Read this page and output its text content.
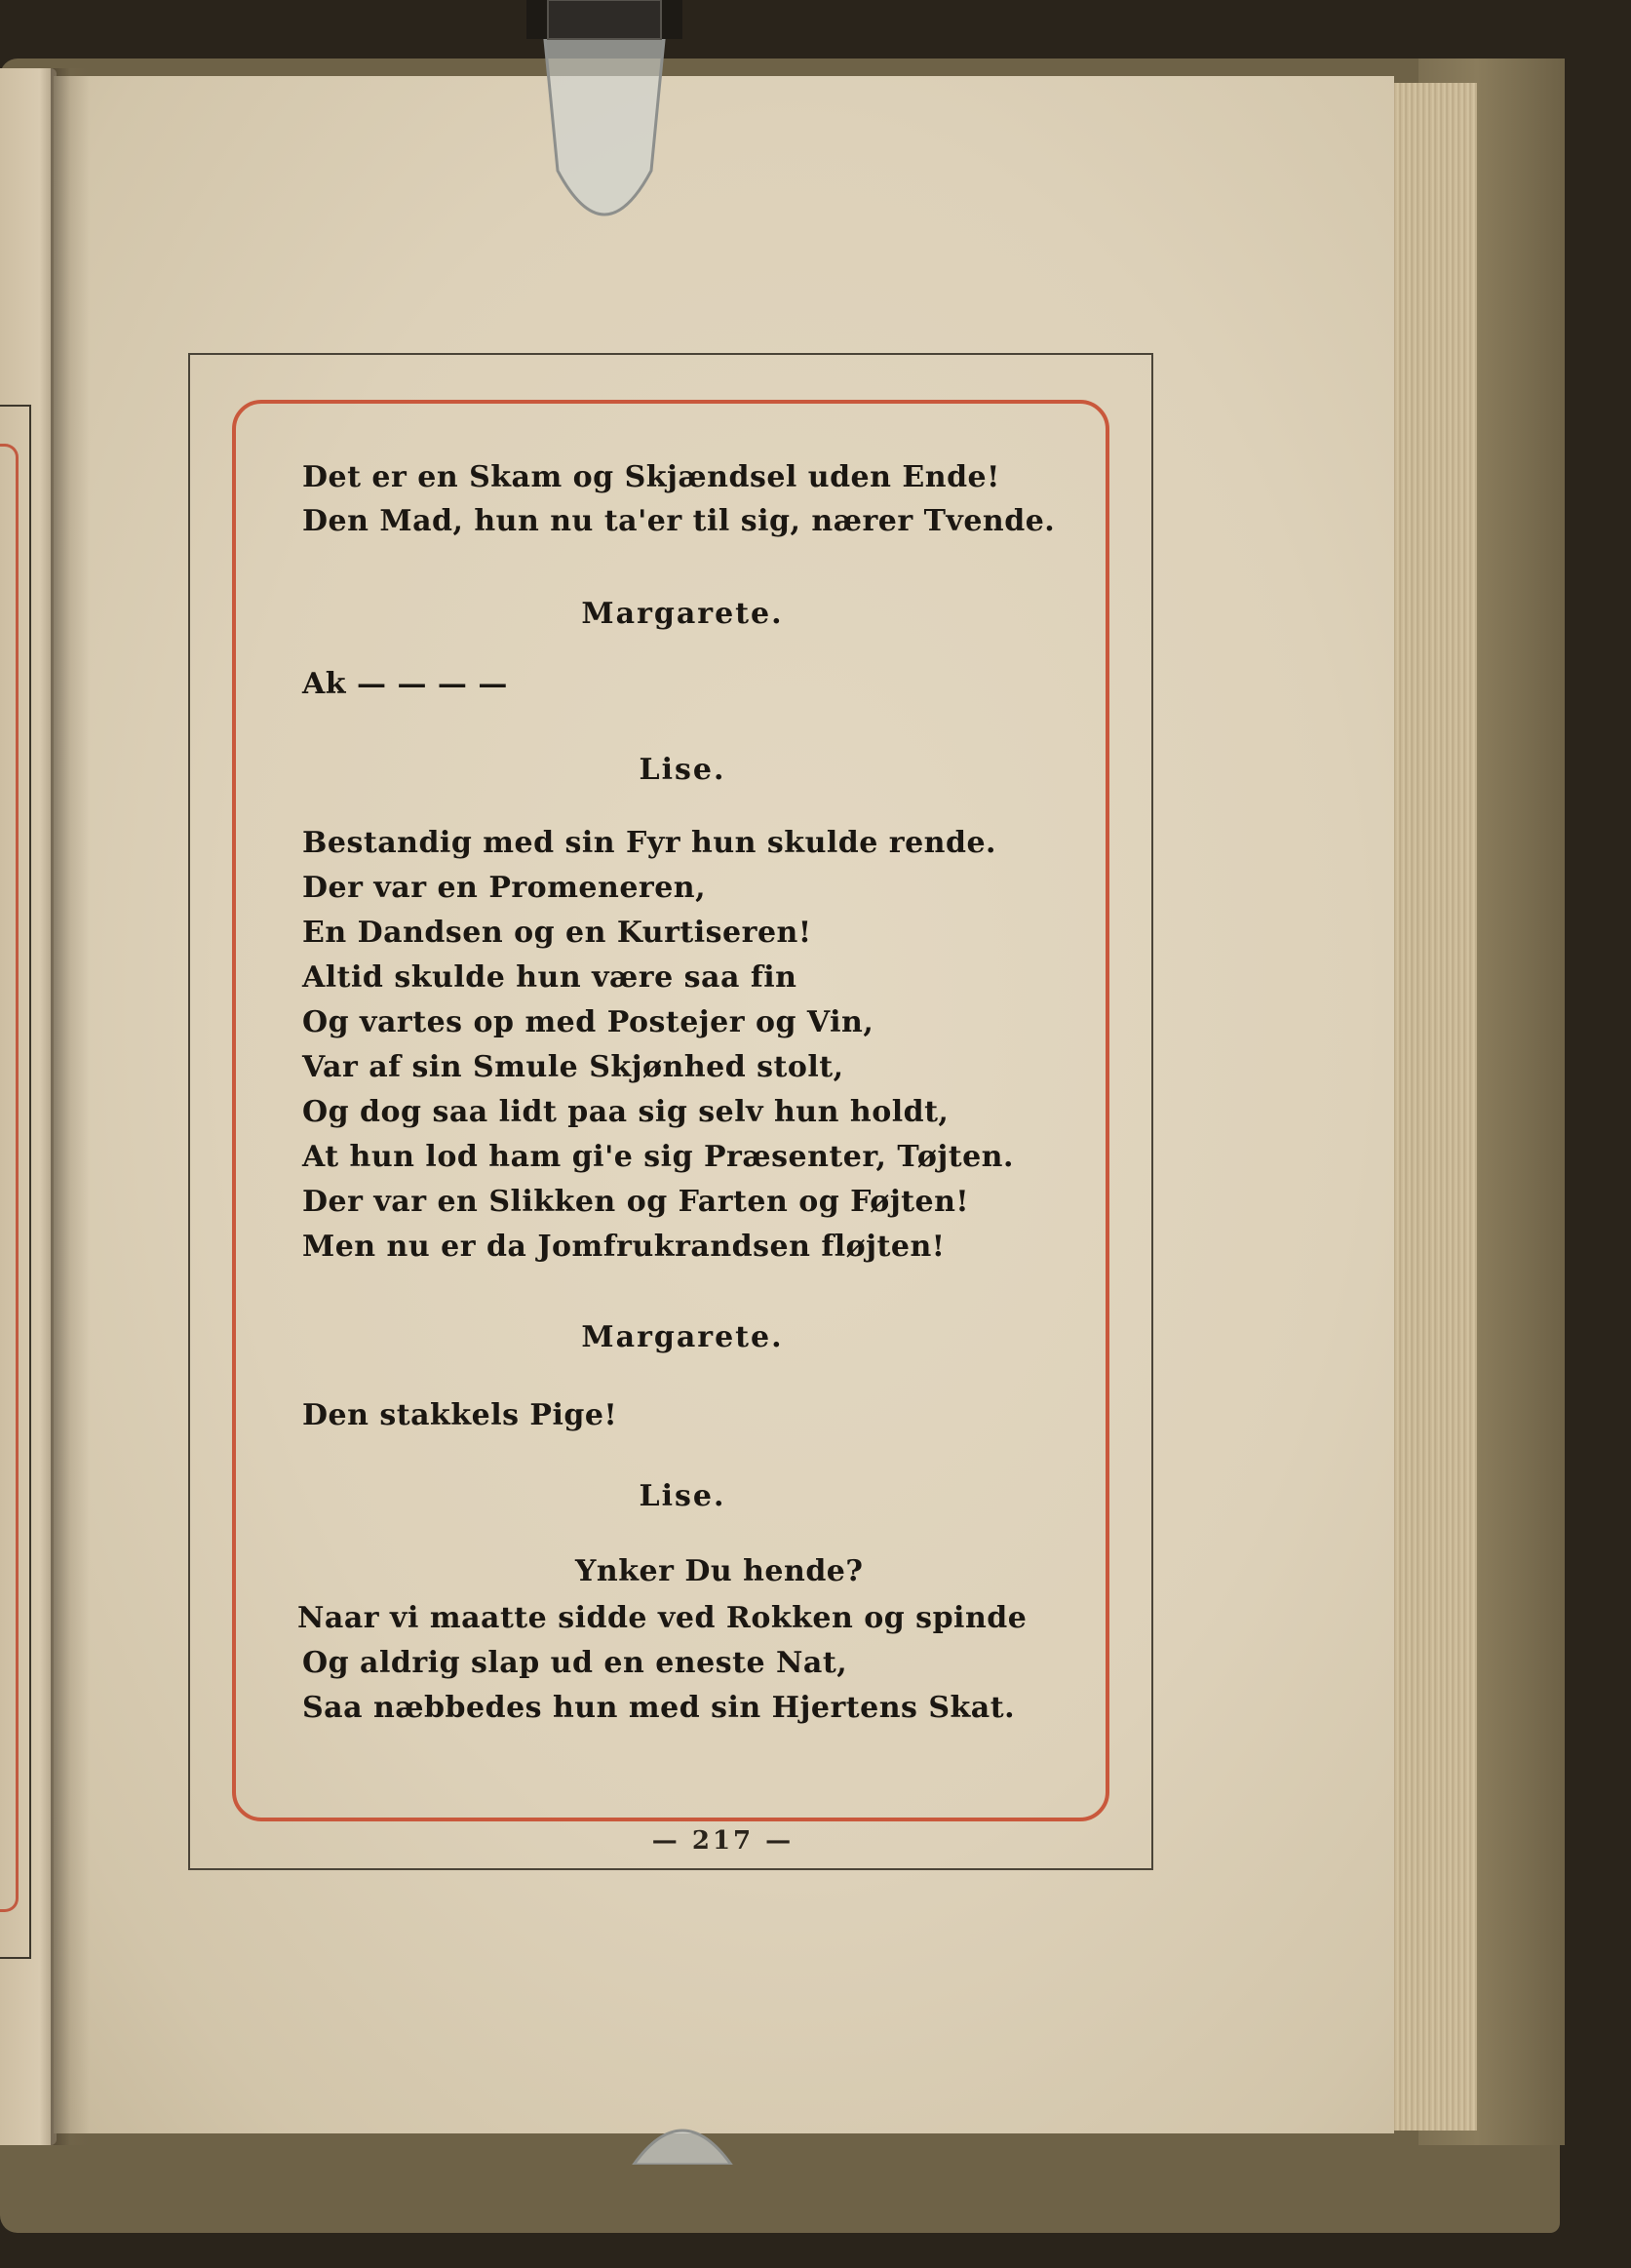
Det er en Skam og Skjændsel uden Ende!
Den Mad, hun nu ta'er til sig, nærer Tvende.
Margarete.
Ak — — — —
Lise.
Bestandig med sin Fyr hun skulde rende.
Der var en Promeneren,
En Dandsen og en Kurtiseren!
Altid skulde hun være saa fin
Og vartes op med Postejer og Vin,
Var af sin Smule Skjønhed stolt,
Og dog saa lidt paa sig selv hun holdt,
At hun lod ham gi'e sig Præsenter, Tøjten.
Der var en Slikken og Farten og Føjten!
Men nu er da Jomfrukrandsen fløjten!
Margarete.
Den stakkels Pige!
Lise.
Ynker Du hende?
Naar vi maatte sidde ved Rokken og spinde
Og aldrig slap ud en eneste Nat,
Saa næbbedes hun med sin Hjertens Skat.
— 217 —
